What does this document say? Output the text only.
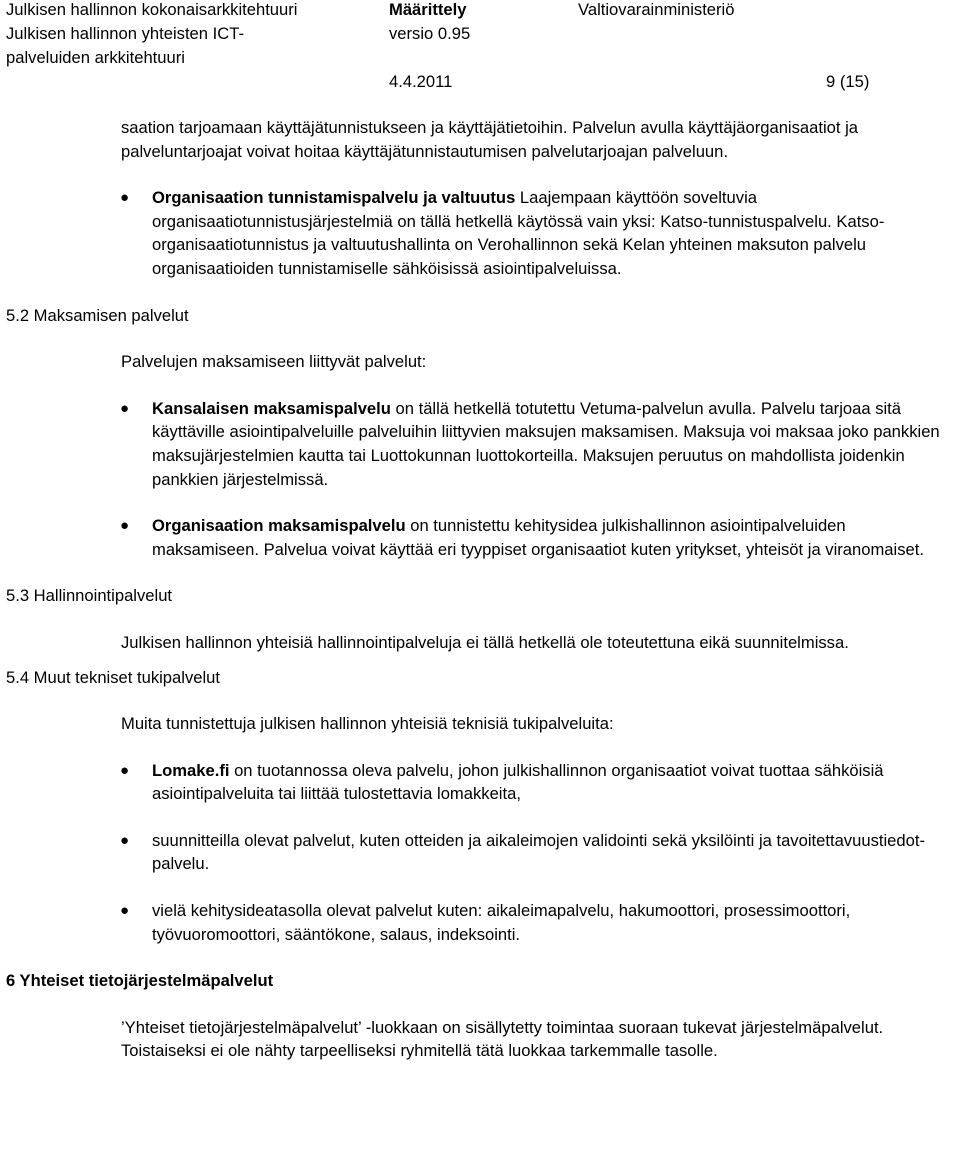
Julkisen hallinnon kokonaisarkkitehtuuri
Julkisen hallinnon yhteisten ICT-
palveluiden arkkitehtuuri
Määrittely
versio 0.95
Valtiovarainministeriö
4.4.2011	9 (15)

saation tarjoamaan käyttäjätunnistukseen ja käyttäjätietoihin. Palvelun avulla käyttäjäorganisaatiot ja palveluntarjoajat voivat hoitaa käyttäjätunnistautumisen palvelutarjoajan palveluun.

● Organisaation tunnistamispalvelu ja valtuutus Laajempaan käyttöön soveltuvia organisaatiotunnistusjärjestelmiä on tällä hetkellä käytössä vain yksi: Katso-tunnistuspalvelu. Katso-organisaatiotunnistus ja valtuutushallinta on Verohallinnon sekä Kelan yhteinen maksuton palvelu organisaatioiden tunnistamiselle sähköisissä asiointipalveluissa.
5.2 Maksamisen palvelut

Palvelujen maksamiseen liittyvät palvelut:

● Kansalaisen maksamispalvelu on tällä hetkellä totutettu Vetuma-palvelun avulla. Palvelu tarjoaa sitä käyttäville asiointipalveluille palveluihin liittyvien maksujen maksamisen. Maksuja voi maksaa joko pankkien maksujärjestelmien kautta tai Luottokunnan luottokorteilla. Maksujen peruutus on mahdollista joidenkin pankkien järjestelmissä.
● Organisaation maksamispalvelu on tunnistettu kehitysidea julkishallinnon asiointipalveluiden maksamiseen. Palvelua voivat käyttää eri tyyppiset organisaatiot kuten yritykset, yhteisöt ja viranomaiset.
5.3 Hallinnointipalvelut

Julkisen hallinnon yhteisiä hallinnointipalveluja ei tällä hetkellä ole toteutettuna eikä suunnitelmissa.

5.4 Muut tekniset tukipalvelut

Muita tunnistettuja julkisen hallinnon yhteisiä teknisiä tukipalveluita:

● Lomake.fi on tuotannossa oleva palvelu, johon julkishallinnon organisaatiot voivat tuottaa sähköisiä asiointipalveluita tai liittää tulostettavia lomakkeita,
● suunnitteilla olevat palvelut, kuten otteiden ja aikaleimojen validointi sekä yksilöinti ja tavoitettavuustiedot-palvelu.
● vielä kehitysideatasolla olevat palvelut kuten: aikaleimapalvelu, hakumoottori, prosessimoottori, työvuoromoottori, sääntökone, salaus, indeksointi.
6 Yhteiset tietojärjestelmäpalvelut

’Yhteiset tietojärjestelmäpalvelut’ -luokkaan on sisällytetty toimintaa suoraan tukevat järjestelmäpalvelut. Toistaiseksi ei ole nähty tarpeelliseksi ryhmitellä tätä luokkaa tarkemmalle tasolle.
